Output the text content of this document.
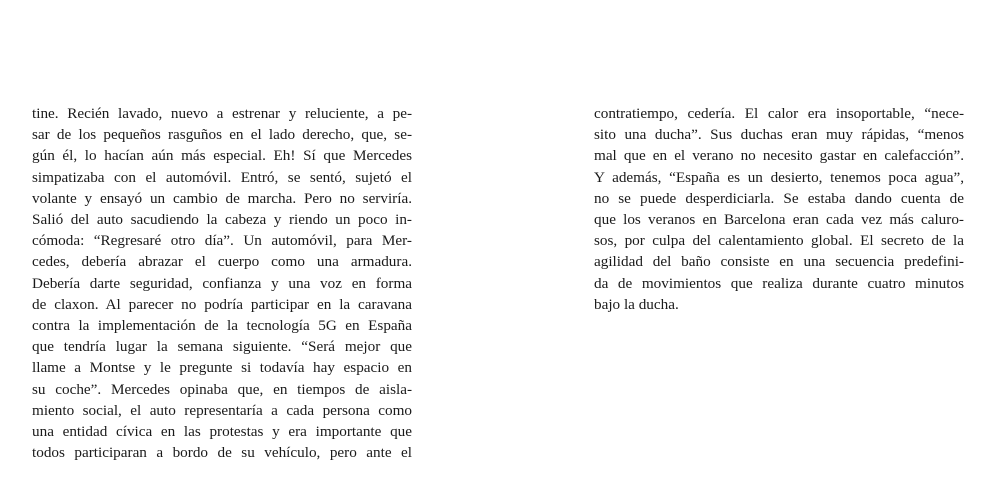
tine. Recién lavado, nuevo a estrenar y reluciente, a pe-
sar de los pequeños rasguños en el lado derecho, que, se-
gún él, lo hacían aún más especial. Eh! Sí que Mercedes
simpatizaba con el automóvil. Entró, se sentó, sujetó el
volante y ensayó un cambio de marcha. Pero no serviría.
Salió del auto sacudiendo la cabeza y riendo un poco in-
cómoda: “Regresaré otro día”. Un automóvil, para Mer-
cedes, debería abrazar el cuerpo como una armadura.
Debería darte seguridad, confianza y una voz en forma
de claxon. Al parecer no podría participar en la caravana
contra la implementación de la tecnología 5G en España
que tendría lugar la semana siguiente. “Será mejor que
llame a Montse y le pregunte si todavía hay espacio en
su coche”. Mercedes opinaba que, en tiempos de aisla-
miento social, el auto representaría a cada persona como
una entidad cívica en las protestas y era importante que
todos participaran a bordo de su vehículo, pero ante el
contratiempo, cedería. El calor era insoportable, “nece-
sito una ducha”. Sus duchas eran muy rápidas, “menos
mal que en el verano no necesito gastar en calefacción”.
Y además, “España es un desierto, tenemos poca agua”,
no se puede desperdiciarla. Se estaba dando cuenta de
que los veranos en Barcelona eran cada vez más caluro-
sos, por culpa del calentamiento global. El secreto de la
agilidad del baño consiste en una secuencia predefini-
da de movimientos que realiza durante cuatro minutos
bajo la ducha.
